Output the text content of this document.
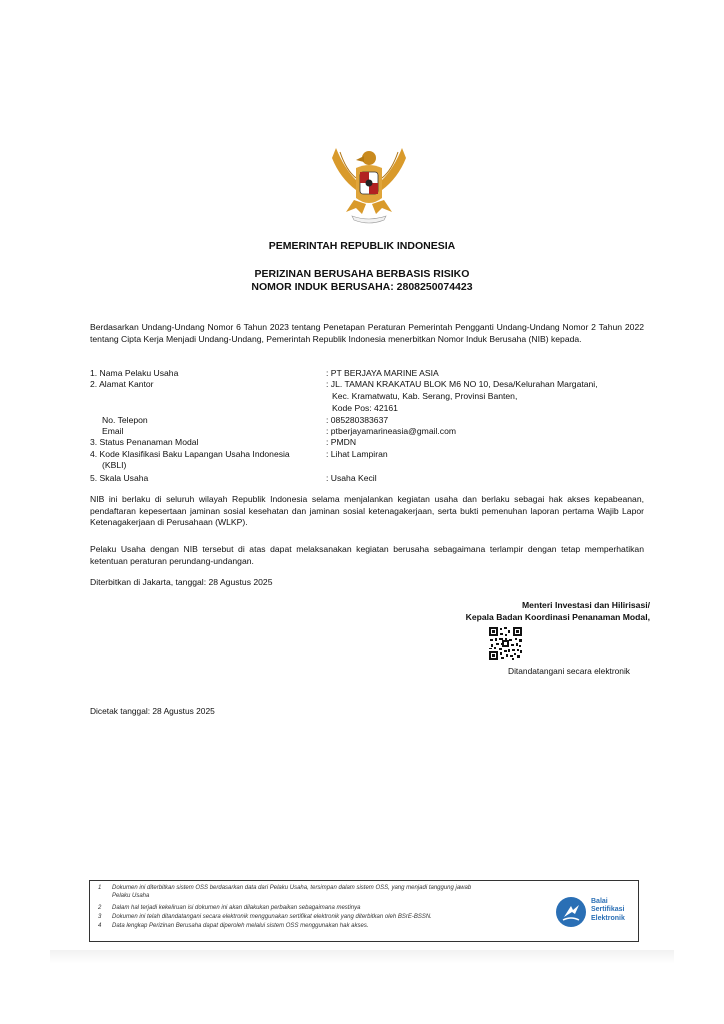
PEMERINTAH REPUBLIK INDONESIA
PERIZINAN BERUSAHA BERBASIS RISIKO
NOMOR INDUK BERUSAHA: 2808250074423
Berdasarkan Undang-Undang Nomor 6 Tahun 2023 tentang Penetapan Peraturan Pemerintah Pengganti Undang-Undang Nomor 2 Tahun 2022 tentang Cipta Kerja Menjadi Undang-Undang, Pemerintah Republik Indonesia menerbitkan Nomor Induk Berusaha (NIB) kepada.
1. Nama Pelaku Usaha	: PT BERJAYA MARINE ASIA
2. Alamat Kantor	: JL. TAMAN KRAKATAU BLOK M6 NO 10, Desa/Kelurahan Margatani,
Kec. Kramatwatu, Kab. Serang, Provinsi Banten,
Kode Pos: 42161
No. Telepon	: 085280383637
Email	: ptberjayamarineasia@gmail.com
3. Status Penanaman Modal	: PMDN
4. Kode Klasifikasi Baku Lapangan Usaha Indonesia	: Lihat Lampiran
(KBLI)
5. Skala Usaha	: Usaha Kecil
NIB ini berlaku di seluruh wilayah Republik Indonesia selama menjalankan kegiatan usaha dan berlaku sebagai hak akses kepabeanan, pendaftaran kepesertaan jaminan sosial kesehatan dan jaminan sosial ketenagakerjaan, serta bukti pemenuhan laporan pertama Wajib Lapor Ketenagakerjaan di Perusahaan (WLKP).
Pelaku Usaha dengan NIB tersebut di atas dapat melaksanakan kegiatan berusaha sebagaimana terlampir dengan tetap memperhatikan ketentuan peraturan perundang-undangan.
Diterbitkan di Jakarta, tanggal: 28 Agustus 2025
Menteri Investasi dan Hilirisasi/
Kepala Badan Koordinasi Penanaman Modal,
Ditandatangani secara elektronik
Dicetak tanggal: 28 Agustus 2025
1 Dokumen ini diterbitkan sistem OSS berdasarkan data dari Pelaku Usaha, tersimpan dalam sistem OSS, yang menjadi tanggung jawab
Pelaku Usaha
2 Dalam hal terjadi kekeliruan isi dokumen ini akan dilakukan perbaikan sebagaimana mestinya
3 Dokumen ini telah ditandatangani secara elektronik menggunakan sertifikat elektronik yang diterbitkan oleh BSrE-BSSN.
4 Data lengkap Perizinan Berusaha dapat diperoleh melalui sistem OSS menggunakan hak akses.
Balai
Sertifikasi
Elektronik
